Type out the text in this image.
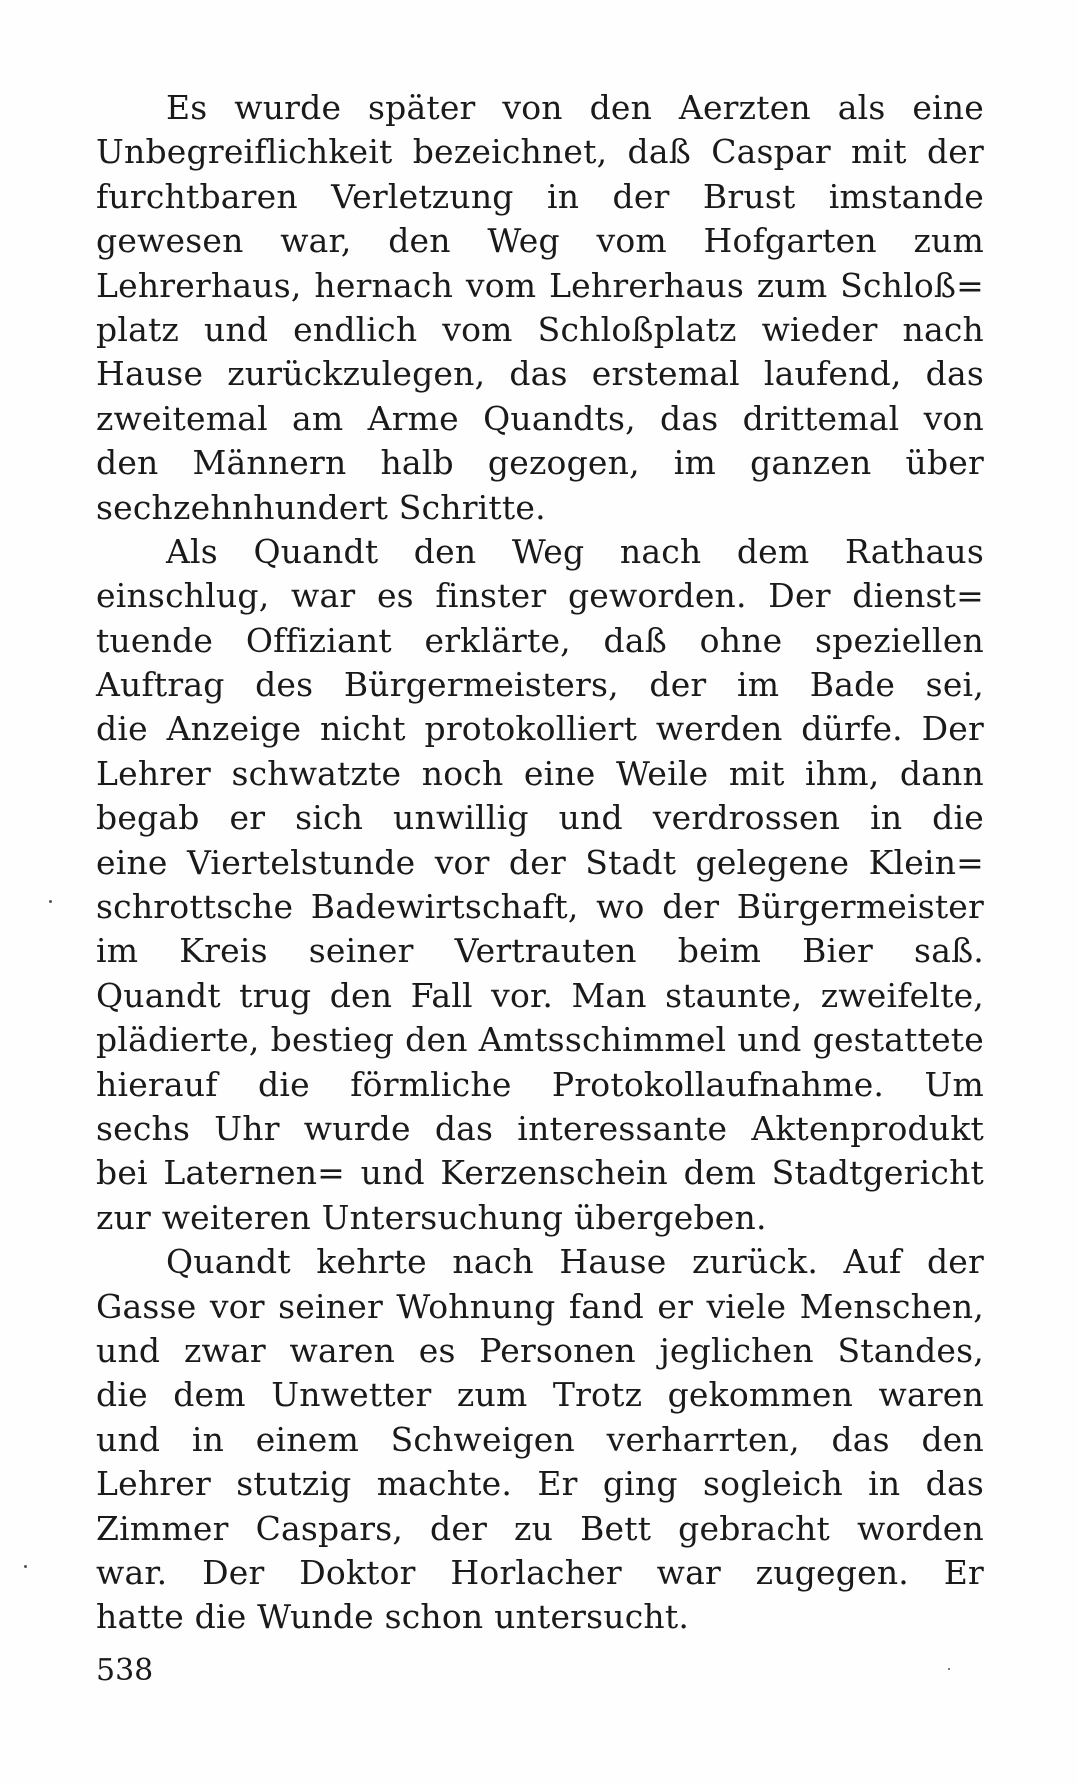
Es wurde später von den Aerzten als eine
Unbegreiflichkeit bezeichnet, daß Caspar mit der
furchtbaren Verletzung in der Brust imstande
gewesen war, den Weg vom Hofgarten zum
Lehrerhaus, hernach vom Lehrerhaus zum Schloß=
platz und endlich vom Schloßplatz wieder nach
Hause zurückzulegen, das erstemal laufend, das
zweitemal am Arme Quandts, das drittemal von
den Männern halb gezogen, im ganzen über
sechzehnhundert Schritte.
Als Quandt den Weg nach dem Rathaus
einschlug, war es finster geworden. Der dienst=
tuende Offiziant erklärte, daß ohne speziellen
Auftrag des Bürgermeisters, der im Bade sei,
die Anzeige nicht protokolliert werden dürfe. Der
Lehrer schwatzte noch eine Weile mit ihm, dann
begab er sich unwillig und verdrossen in die
eine Viertelstunde vor der Stadt gelegene Klein=
schrottsche Badewirtschaft, wo der Bürgermeister
im Kreis seiner Vertrauten beim Bier saß.
Quandt trug den Fall vor. Man staunte, zweifelte,
plädierte, bestieg den Amtsschimmel und gestattete
hierauf die förmliche Protokollaufnahme. Um
sechs Uhr wurde das interessante Aktenprodukt
bei Laternen= und Kerzenschein dem Stadtgericht
zur weiteren Untersuchung übergeben.
Quandt kehrte nach Hause zurück. Auf der
Gasse vor seiner Wohnung fand er viele Menschen,
und zwar waren es Personen jeglichen Standes,
die dem Unwetter zum Trotz gekommen waren
und in einem Schweigen verharrten, das den
Lehrer stutzig machte. Er ging sogleich in das
Zimmer Caspars, der zu Bett gebracht worden
war. Der Doktor Horlacher war zugegen. Er
hatte die Wunde schon untersucht.
538
